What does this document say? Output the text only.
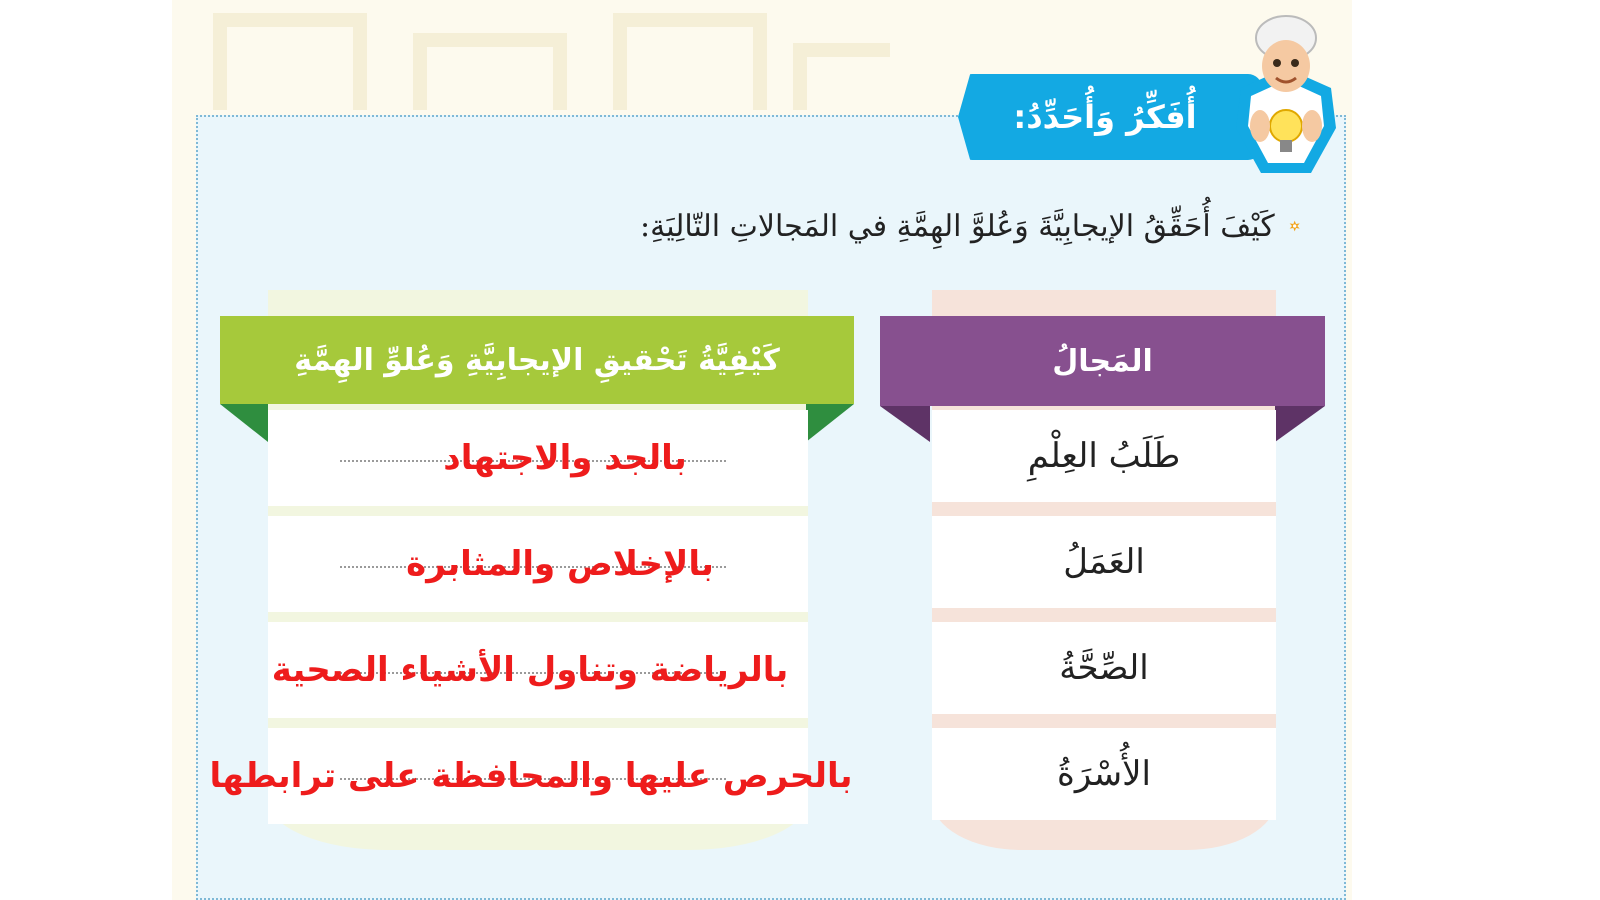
أُفَكِّرُ وَأُحَدِّدُ:
كَيْفَ أُحَقِّقُ الإيجابِيَّةَ وَعُلوَّ الهِمَّةِ في المَجالاتِ التّالِيَةِ:
المَجالُ
طَلَبُ العِلْمِ
العَمَلُ
الصِّحَّةُ
الأُسْرَةُ
كَيْفِيَّةُ تَحْقيقِ الإيجابِيَّةِ وَعُلوِّ الهِمَّةِ
بالجد والاجتهاد
بالإخلاص والمثابرة
بالرياضة وتناول الأشياء الصحية
بالحرص عليها والمحافظة على ترابطها
